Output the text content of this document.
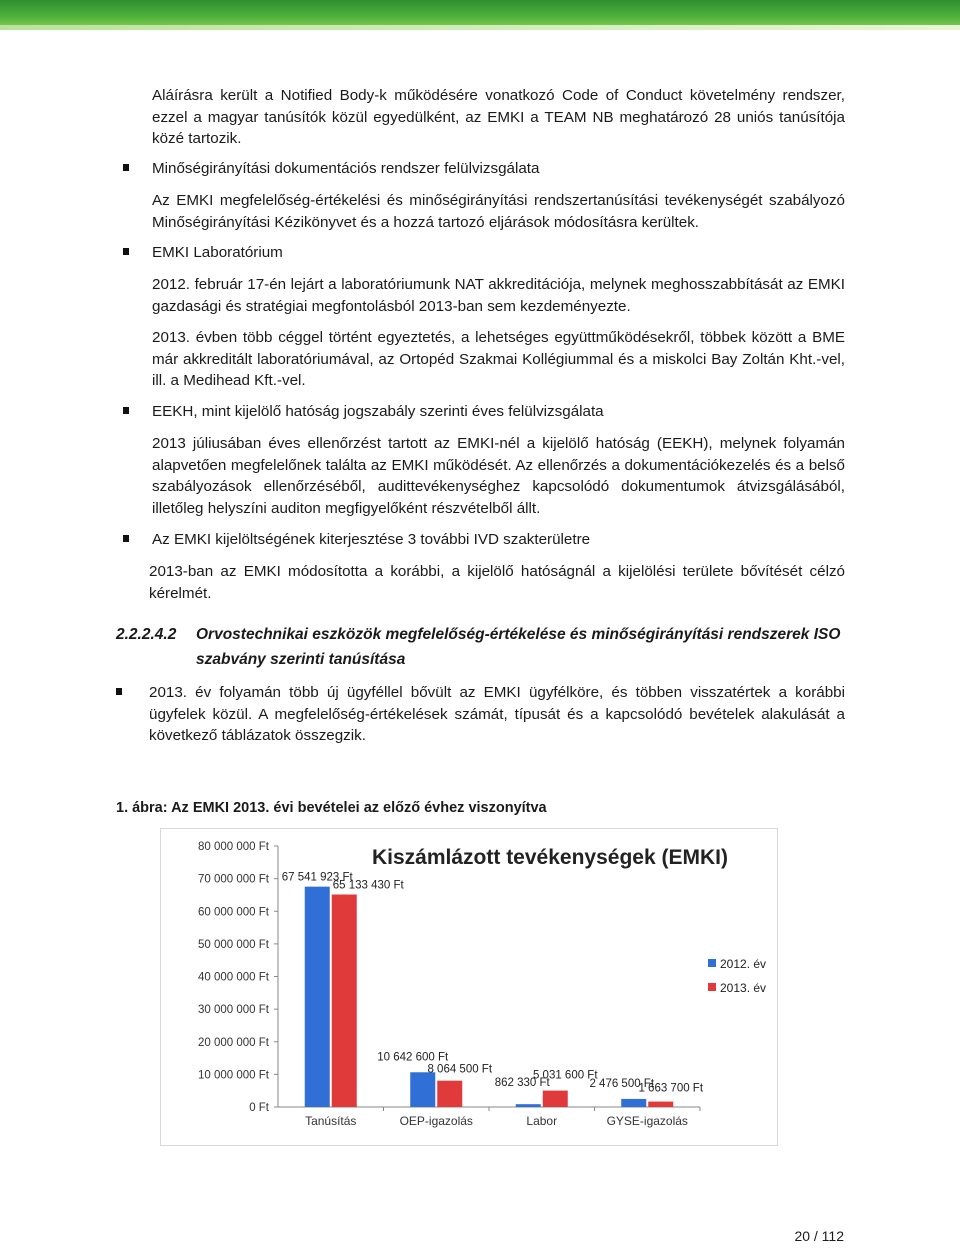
Aláírásra került a Notified Body-k működésére vonatkozó Code of Conduct követelmény rendszer, ezzel a magyar tanúsítók közül egyedülként, az EMKI a TEAM NB meghatározó 28 uniós tanúsítója közé tartozik.

Minőségirányítási dokumentációs rendszer felülvizsgálata

Az EMKI megfelelőség-értékelési és minőségirányítási rendszertanúsítási tevékenységét szabályozó Minőségirányítási Kézikönyvet és a hozzá tartozó eljárások módosításra kerültek.

EMKI Laboratórium

2012. február 17-én lejárt a laboratóriumunk NAT akkreditációja, melynek meghosszabbítását az EMKI gazdasági és stratégiai megfontolásból 2013-ban sem kezdeményezte.

2013. évben több céggel történt egyeztetés, a lehetséges együttműködésekről, többek között a BME már akkreditált laboratóriumával, az Ortopéd Szakmai Kollégiummal és a miskolci Bay Zoltán Kht.-vel, ill. a Medihead Kft.-vel.

EEKH, mint kijelölő hatóság jogszabály szerinti éves felülvizsgálata

2013 júliusában éves ellenőrzést tartott az EMKI-nél a kijelölő hatóság (EEKH), melynek folyamán alapvetően megfelelőnek találta az EMKI működését. Az ellenőrzés a dokumentációkezelés és a belső szabályozások ellenőrzéséből, audittevékenységhez kapcsolódó dokumentumok átvizsgálásából, illetőleg helyszíni auditon megfigyelőként részvételből állt.

Az EMKI kijelöltségének kiterjesztése 3 további IVD szakterületre

2013-ban az EMKI módosította a korábbi, a kijelölő hatóságnál a kijelölési területe bővítését célzó kérelmét.

2.2.2.4.2 Orvostechnikai eszközök megfelelőség-értékelése és minőségirányítási rendszerek ISO

szabvány szerinti tanúsítása

2013. év folyamán több új ügyféllel bővült az EMKI ügyfélköre, és többen visszatértek a korábbi ügyfelek közül. A megfelelőség-értékelések számát, típusát és a kapcsolódó bevételek alakulását a következő táblázatok összegzik.

1. ábra: Az EMKI 2013. évi bevételei az előző évhez viszonyítva

Kiszámlázott tevékenységek (EMKI)
0 Ft
10 000 000 Ft
20 000 000 Ft
30 000 000 Ft
40 000 000 Ft
50 000 000 Ft
60 000 000 Ft
70 000 000 Ft
80 000 000 Ft
Tanúsítás	OEP-igazolás	Labor	GYSE-igazolás
67 541 923 Ft
10 642 600 Ft
862 330 Ft	2 476 500 Ft
65 133 430 Ft
8 064 500 Ft	5 031 600 Ft
1 663 700 Ft
2012. év
2013. év
20 / 112
